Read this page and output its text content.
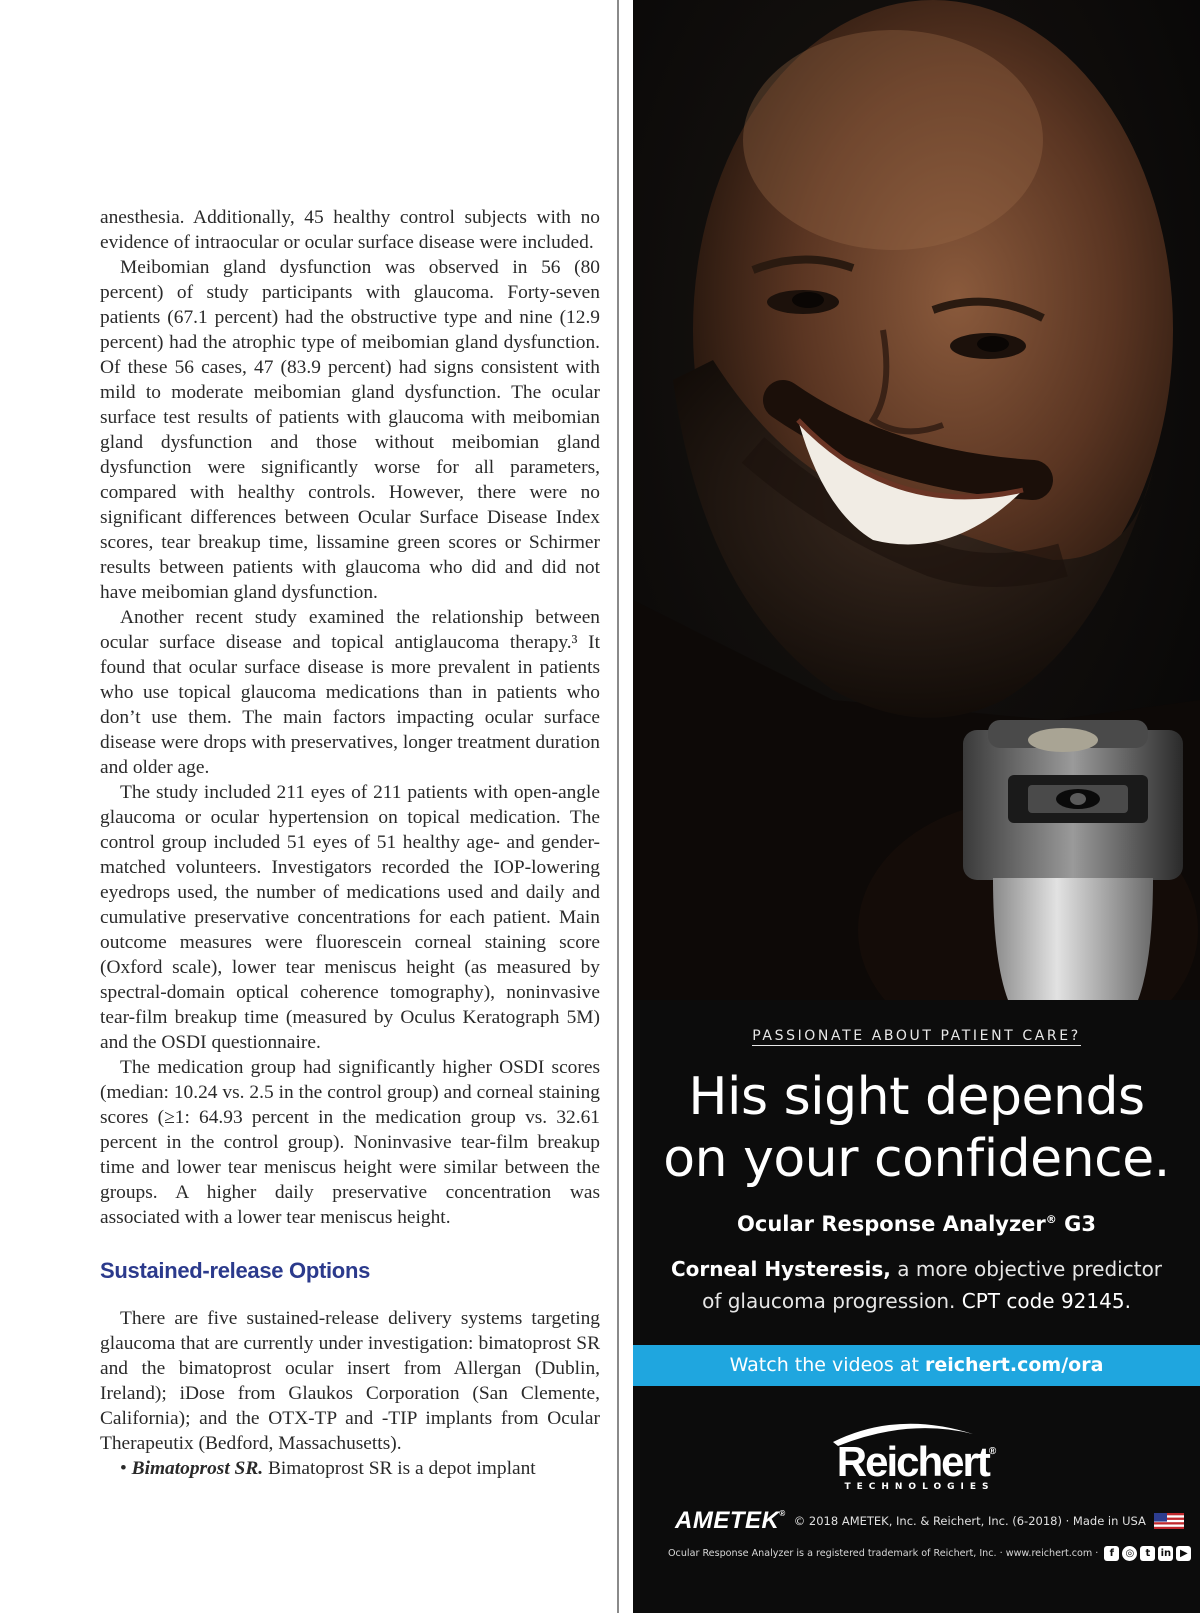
anesthesia. Additionally, 45 healthy control subjects with no evidence of intraocular or ocular surface disease were included.

Meibomian gland dysfunction was observed in 56 (80 percent) of study participants with glaucoma. Forty-seven patients (67.1 percent) had the obstructive type and nine (12.9 percent) had the atrophic type of meibomian gland dysfunction. Of these 56 cases, 47 (83.9 percent) had signs consistent with mild to moderate meibomian gland dysfunction. The ocular surface test results of patients with glaucoma with meibomian gland dysfunction and those without meibomian gland dysfunction were significantly worse for all parameters, compared with healthy controls. However, there were no significant differences between Ocular Surface Disease Index scores, tear breakup time, lissamine green scores or Schirmer results between patients with glaucoma who did and did not have meibomian gland dysfunction.

Another recent study examined the relationship between ocular surface disease and topical antiglaucoma therapy.³ It found that ocular surface disease is more prevalent in patients who use topical glaucoma medications than in patients who don’t use them. The main factors impacting ocular surface disease were drops with preservatives, longer treatment duration and older age.

The study included 211 eyes of 211 patients with open-angle glaucoma or ocular hypertension on topical medication. The control group included 51 eyes of 51 healthy age- and gender-matched volunteers. Investigators recorded the IOP-lowering eyedrops used, the number of medications used and daily and cumulative preservative concentrations for each patient. Main outcome measures were fluorescein corneal staining score (Oxford scale), lower tear meniscus height (as measured by spectral-domain optical coherence tomography), noninvasive tear-film breakup time (measured by Oculus Keratograph 5M) and the OSDI questionnaire.

The medication group had significantly higher OSDI scores (median: 10.24 vs. 2.5 in the control group) and corneal staining scores (≥1: 64.93 percent in the medication group vs. 32.61 percent in the control group). Noninvasive tear-film breakup time and lower tear meniscus height were similar between the groups. A higher daily preservative concentration was associated with a lower tear meniscus height.

Sustained-release Options

There are five sustained-release delivery systems targeting glaucoma that are currently under investigation: bimatoprost SR and the bimatoprost ocular insert from Allergan (Dublin, Ireland); iDose from Glaukos Corporation (San Clemente, California); and the OTX-TP and -TIP implants from Ocular Therapeutix (Bedford, Massachusetts).

• Bimatoprost SR. Bimatoprost SR is a depot implant

PASSIONATE ABOUT PATIENT CARE?
His sight depends
on your confidence.
Ocular Response Analyzer® G3
Corneal Hysteresis, a more objective predictor
of glaucoma progression. CPT code 92145.
Watch the videos at reichert.com/ora
Reichert®
TECHNOLOGIES
AMETEK®
© 2018 AMETEK, Inc. & Reichert, Inc. (6-2018) · Made in USA
Ocular Response Analyzer is a registered trademark of Reichert, Inc. · www.reichert.com ·	f	◎	t	in ▶
